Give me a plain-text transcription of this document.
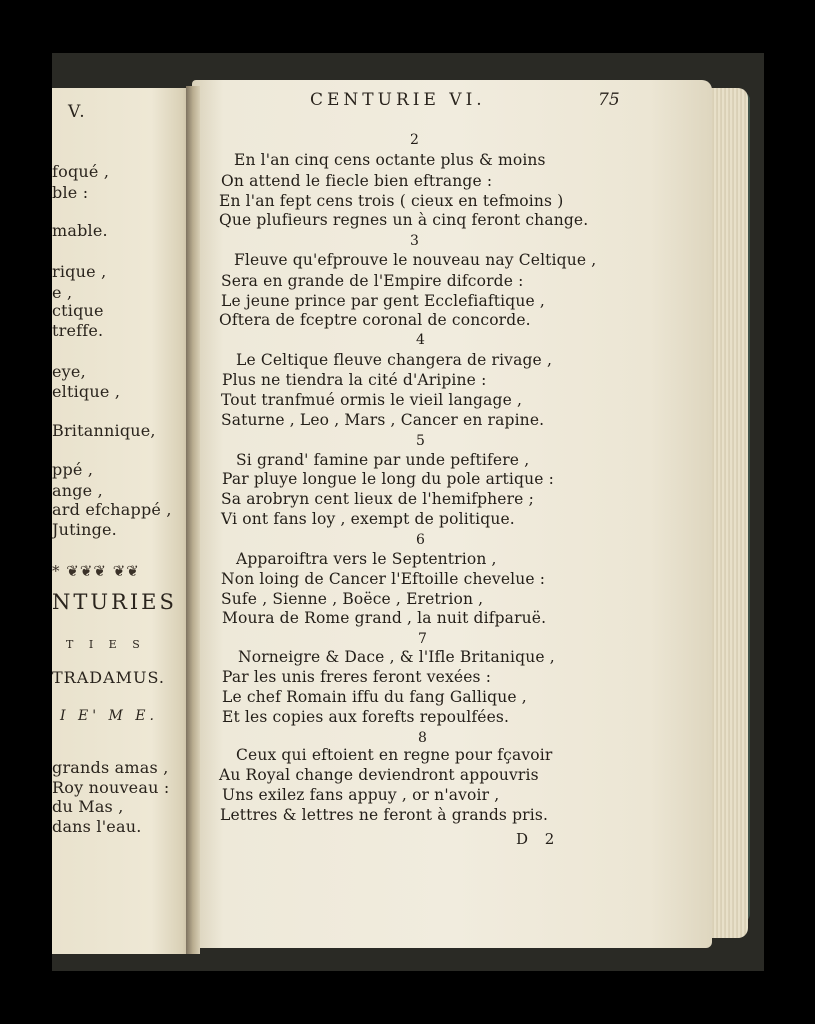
V.
foqué ,
ble :
mable.
rique ,
e ,
ctique
treffe.
eye,
eltique ,
Britannique,
ppé ,
ange ,
ard efchappé ,
Jutinge.
* ❦❦❦ ❦❦
NTURIES
T I E S
TRADAMUS.
I E' M E.
grands amas ,
Roy nouveau :
du Mas ,
dans l'eau.
CENTURIE VI.	75
2
En l'an cinq cens octante plus & moins
On attend le fiecle bien eftrange :
En l'an fept cens trois ( cieux en tefmoins )
Que plufieurs regnes un à cinq feront change.
3
Fleuve qu'efprouve le nouveau nay Celtique ,
Sera en grande de l'Empire difcorde :
Le jeune prince par gent Ecclefiaftique ,
Oftera de fceptre coronal de concorde.
4
Le Celtique fleuve changera de rivage ,
Plus ne tiendra la cité d'Aripine :
Tout tranfmué ormis le vieil langage ,
Saturne , Leo , Mars , Cancer en rapine.
5
Si grand' famine par unde peftifere ,
Par pluye longue le long du pole artique :
Sa arobryn cent lieux de l'hemifphere ;
Vi ont fans loy , exempt de politique.
6
Apparoiftra vers le Septentrion ,
Non loing de Cancer l'Eftoille chevelue :
Sufe , Sienne , Boëce , Eretrion ,
Moura de Rome grand , la nuit difparuë.
7
Norneigre & Dace , & l'Ifle Britanique ,
Par les unis freres feront vexées :
Le chef Romain iffu du fang Gallique ,
Et les copies aux forefts repoulfées.
8
Ceux qui eftoient en regne pour fçavoir
Au Royal change deviendront appouvris
Uns exilez fans appuy , or n'avoir ,
Lettres & lettres ne feront à grands pris.
D 2
